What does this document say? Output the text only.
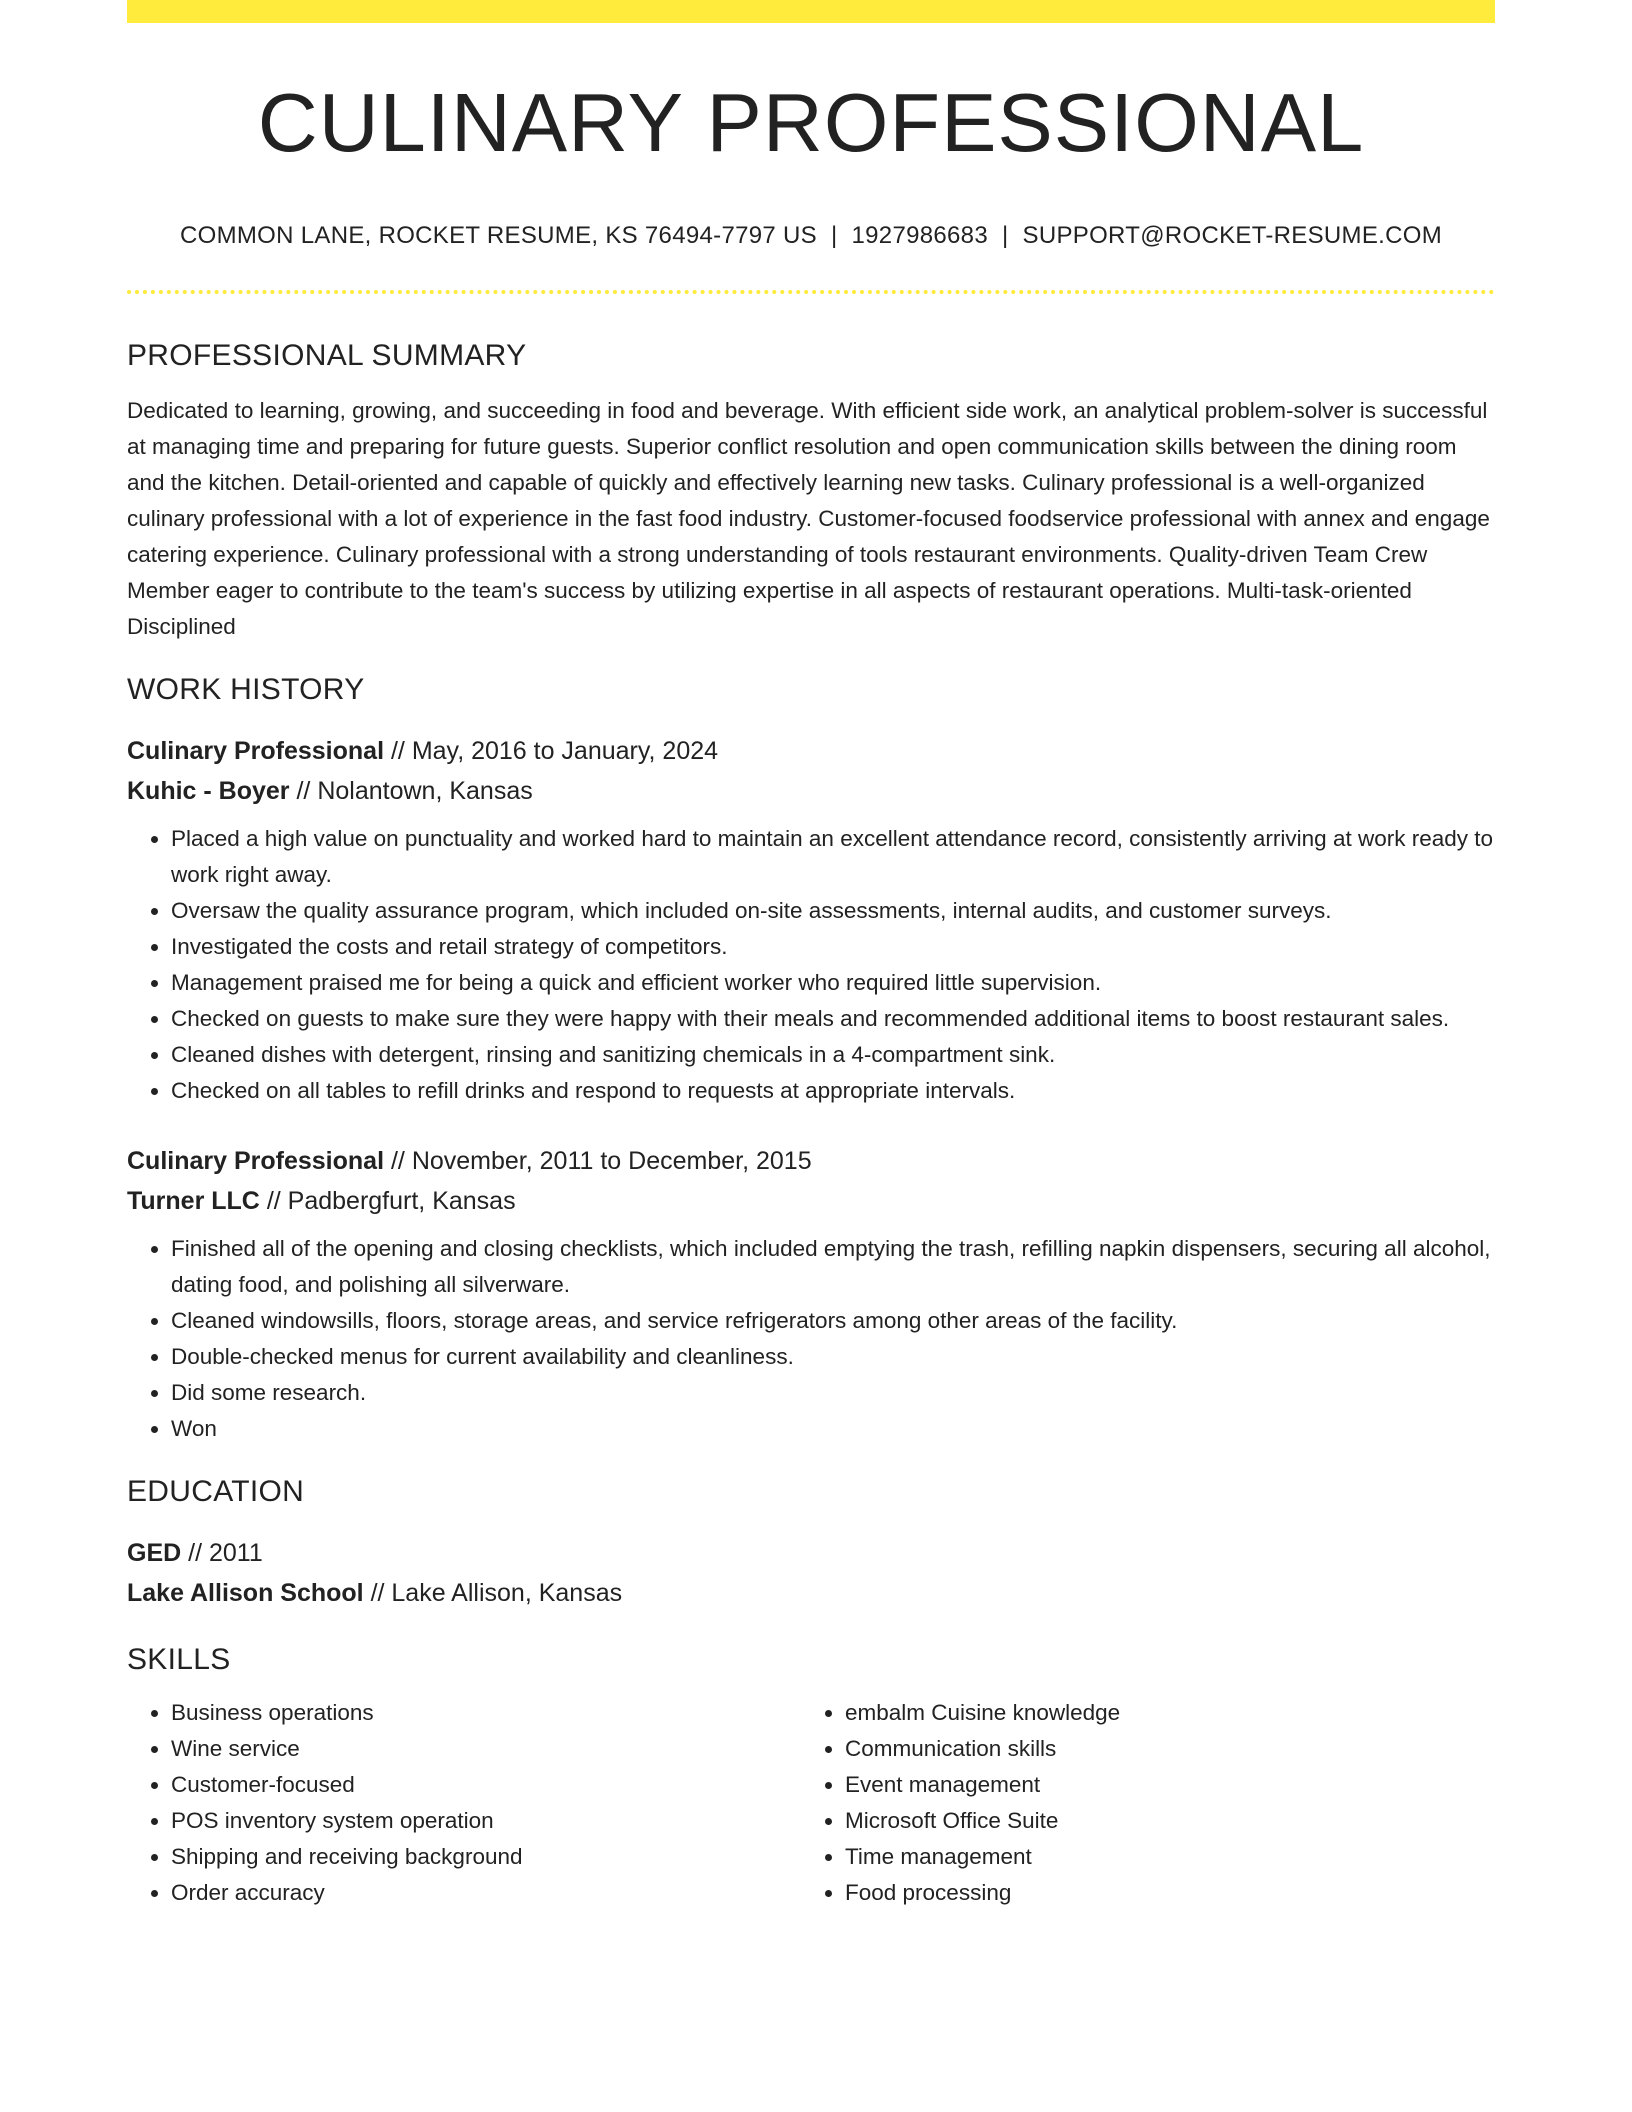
CULINARY PROFESSIONAL
COMMON LANE, ROCKET RESUME, KS 76494-7797 US | 1927986683 | SUPPORT@ROCKET-RESUME.COM
PROFESSIONAL SUMMARY
Dedicated to learning, growing, and succeeding in food and beverage. With efficient side work, an analytical problem-solver is successful at managing time and preparing for future guests. Superior conflict resolution and open communication skills between the dining room and the kitchen. Detail-oriented and capable of quickly and effectively learning new tasks. Culinary professional is a well-organized culinary professional with a lot of experience in the fast food industry. Customer-focused foodservice professional with annex and engage catering experience. Culinary professional with a strong understanding of tools restaurant environments. Quality-driven Team Crew Member eager to contribute to the team's success by utilizing expertise in all aspects of restaurant operations. Multi-task-oriented Disciplined
WORK HISTORY
Culinary Professional // May, 2016 to January, 2024
Kuhic - Boyer // Nolantown, Kansas
• Placed a high value on punctuality and worked hard to maintain an excellent attendance record, consistently arriving at work ready to work right away.
• Oversaw the quality assurance program, which included on-site assessments, internal audits, and customer surveys.
• Investigated the costs and retail strategy of competitors.
• Management praised me for being a quick and efficient worker who required little supervision.
• Checked on guests to make sure they were happy with their meals and recommended additional items to boost restaurant sales.
• Cleaned dishes with detergent, rinsing and sanitizing chemicals in a 4-compartment sink.
• Checked on all tables to refill drinks and respond to requests at appropriate intervals.
Culinary Professional // November, 2011 to December, 2015
Turner LLC // Padbergfurt, Kansas
• Finished all of the opening and closing checklists, which included emptying the trash, refilling napkin dispensers, securing all alcohol, dating food, and polishing all silverware.
• Cleaned windowsills, floors, storage areas, and service refrigerators among other areas of the facility.
• Double-checked menus for current availability and cleanliness.
• Did some research.
• Won
EDUCATION
GED // 2011
Lake Allison School // Lake Allison, Kansas
SKILLS
• Business operations
• Wine service
• Customer-focused
• POS inventory system operation
• Shipping and receiving background
• Order accuracy
• embalm Cuisine knowledge
• Communication skills
• Event management
• Microsoft Office Suite
• Time management
• Food processing
